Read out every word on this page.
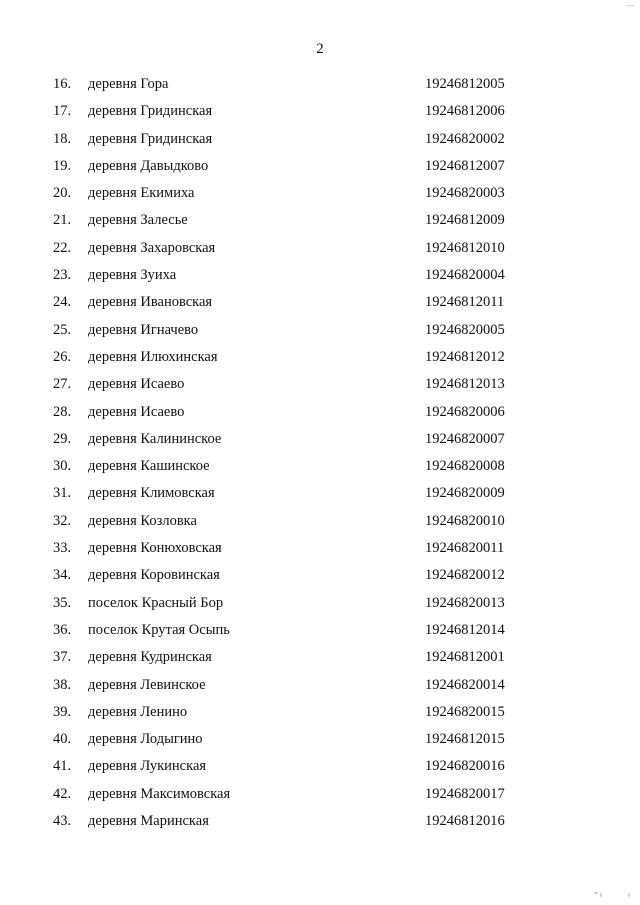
…
2
16. деревня Гора	19246812005
17. деревня Гридинская	19246812006
18. деревня Гридинская	19246820002
19. деревня Давыдково	19246812007
20. деревня Екимиха	19246820003
21. деревня Залесье	19246812009
22. деревня Захаровская	19246812010
23. деревня Зуиха	19246820004
24. деревня Ивановская	19246812011
25. деревня Игначево	19246820005
26. деревня Илюхинская	19246812012
27. деревня Исаево	19246812013
28. деревня Исаево	19246820006
29. деревня Калининское	19246820007
30. деревня Кашинское	19246820008
31. деревня Климовская	19246820009
32. деревня Козловка	19246820010
33. деревня Конюховская	19246820011
34. деревня Коровинская	19246820012
35. поселок Красный Бор	19246820013
36. поселок Крутая Осыпь	19246812014
37. деревня Кудринская	19246812001
38. деревня Левинское	19246820014
39. деревня Ленино	19246820015
40. деревня Лодыгино	19246812015
41. деревня Лукинская	19246820016
42. деревня Максимовская	19246820017
43. деревня Маринская	19246812016
" ı	ı
